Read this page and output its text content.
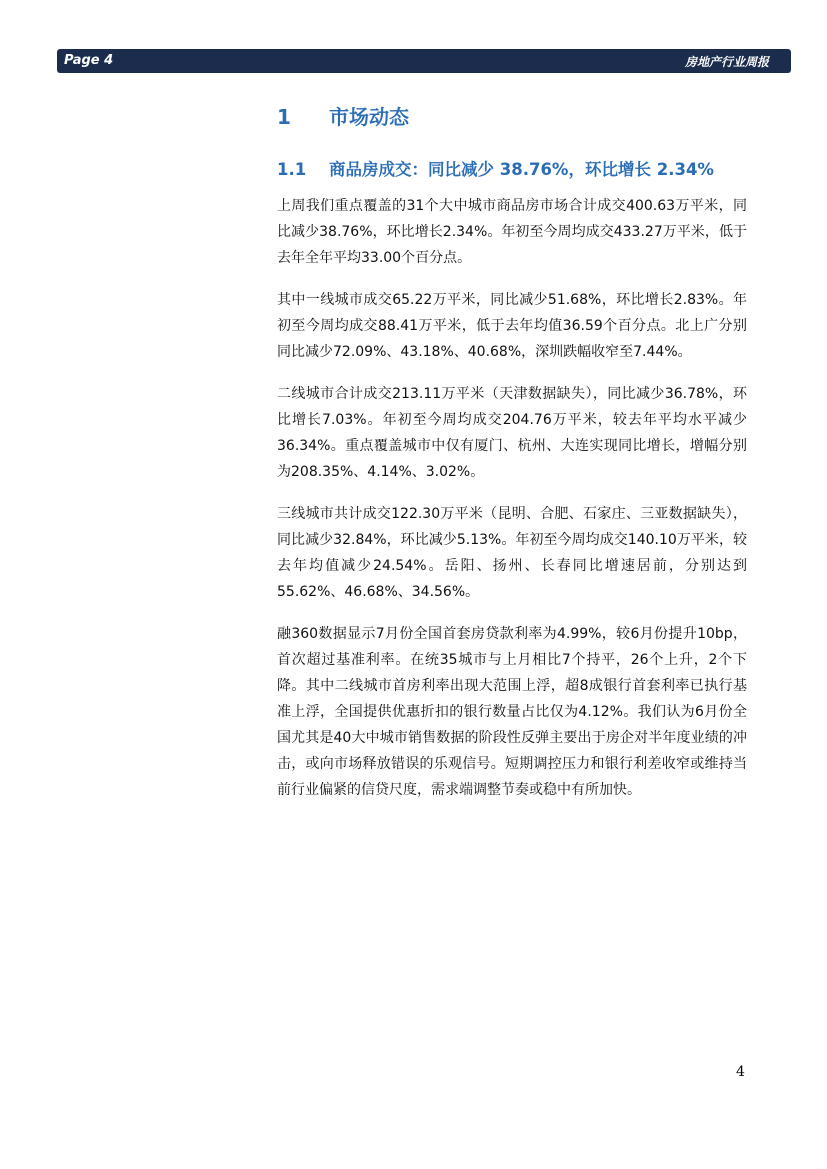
Page 4	房地产行业周报
1 市场动态
1.1 商品房成交：同比减少 38.76%，环比增长 2.34%

上周我们重点覆盖的31个大中城市商品房市场合计成交400.63万平米，同比减少38.76%，环比增长2.34%。年初至今周均成交433.27万平米，低于去年全年平均33.00个百分点。

其中一线城市成交65.22万平米，同比减少51.68%，环比增长2.83%。年初至今周均成交88.41万平米，低于去年均值36.59个百分点。北上广分别同比减少72.09%、43.18%、40.68%，深圳跌幅收窄至7.44%。

二线城市合计成交213.11万平米（天津数据缺失），同比减少36.78%，环比增长7.03%。年初至今周均成交204.76万平米，较去年平均水平减少36.34%。重点覆盖城市中仅有厦门、杭州、大连实现同比增长，增幅分别为208.35%、4.14%、3.02%。

三线城市共计成交122.30万平米（昆明、合肥、石家庄、三亚数据缺失），同比减少32.84%，环比减少5.13%。年初至今周均成交140.10万平米，较去年均值减少24.54%。岳阳、扬州、长春同比增速居前，分别达到55.62%、46.68%、34.56%。

融360数据显示7月份全国首套房贷款利率为4.99%，较6月份提升10bp，首次超过基准利率。在统35城市与上月相比7个持平，26个上升，2个下降。其中二线城市首房利率出现大范围上浮，超8成银行首套利率已执行基准上浮，全国提供优惠折扣的银行数量占比仅为4.12%。我们认为6月份全国尤其是40大中城市销售数据的阶段性反弹主要出于房企对半年度业绩的冲击，或向市场释放错误的乐观信号。短期调控压力和银行利差收窄或维持当前行业偏紧的信贷尺度，需求端调整节奏或稳中有所加快。

4
